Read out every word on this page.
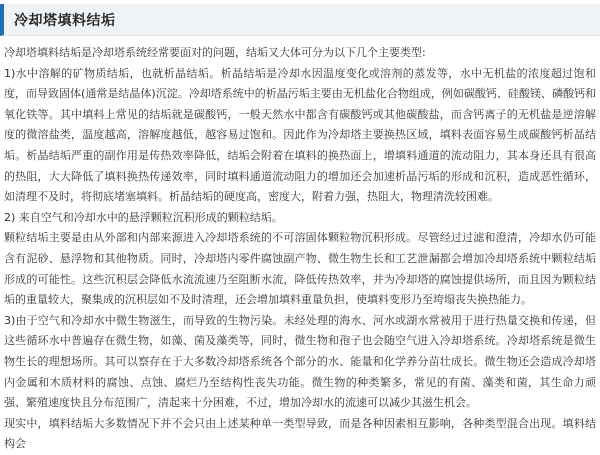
冷却塔填料结垢

冷却塔填料结垢是冷却塔系统经常要面对的问题，结垢又大体可分为以下几个主要类型:

1)水中溶解的矿物质结垢，也就析晶结垢。析晶结垢是冷却水因温度变化或溶剂的蒸发等，水中无机盐的浓度超过饱和度，而导致固体(通常是结晶体)沉淀。冷却塔系统中的析晶污垢主要由无机盐化合物组成，例如碳酸钙、硅酸镁、磷酸钙和氧化铁等。其中填料上常见的结垢就是碳酸钙，一般天然水中都含有碳酸钙或其他碳酸盐，而含钙离子的无机盐是逆溶解度的微溶盐类，温度越高，溶解度越低，越容易过饱和。因此作为冷却塔主要换热区域，填料表面容易生成碳酸钙析晶结垢。析晶结垢严重的副作用是传热效率降低，结垢会附着在填料的换热面上，增填料通道的流动阻力，其本身还具有很高的热阻，大大降低了填料换热传递效率，同时填料通道流动阻力的增加还会加速析晶污垢的形成和沉积，造成恶性循环，如清理不及时，将彻底堵塞填料。析晶结垢的硬度高，密度大，附着力强，热阻大，物理清洗较困难。

2) 来自空气和冷却水中的悬浮颗粒沉积形成的颗粒结垢。

颗粒结垢主要是由从外部和内部来源进入冷却塔系统的不可溶固体颗粒物沉积形成。尽管经过过滤和澄清，冷却水仍可能含有泥砂、悬浮物和其他物质。同时，冷却塔内零件腐蚀副产物、微生物生长和工艺泄漏都会增加冷却塔系统中颗粒结垢形成的可能性。这些沉积层会降低水流流速乃至阻断水流，降低传热效率，并为冷却塔的腐蚀提供场所，而且因为颗粒结垢的重量较大，聚集成的沉积层如不及时清理，还会增加填料重量负担，使填料变形乃至垮塌丧失换热能力。

3)由于空气和冷却水中微生物滋生，而导致的生物污染。未经处理的海水、河水或湖水常被用于进行热量交换和传递，但这些循环水中普遍存在微生物，如藻、菌及藻类等，同时，微生物和孢子也会随空气进入冷却塔系统。冷却塔系统是微生物生长的理想场所。其可以察存在于大多数冷却塔系统各个部分的水、能量和化学养分苗壮成长。微生物还会造成冷却塔内金属和木质材料的腐蚀、点蚀、腐烂乃至结构性丧失功能。微生物的种类繁多，常见的有菌、藻类和菌，其生命力顽强、繁殖速度快且分布范围广，清起来十分困难，不过，增加冷却水的流速可以减少其滋生机会。

现实中，填料结垢大多数情况下并不会只由上述某种单一类型导致，而是各种因素相互影响，各种类型混合出现。填料结构会
